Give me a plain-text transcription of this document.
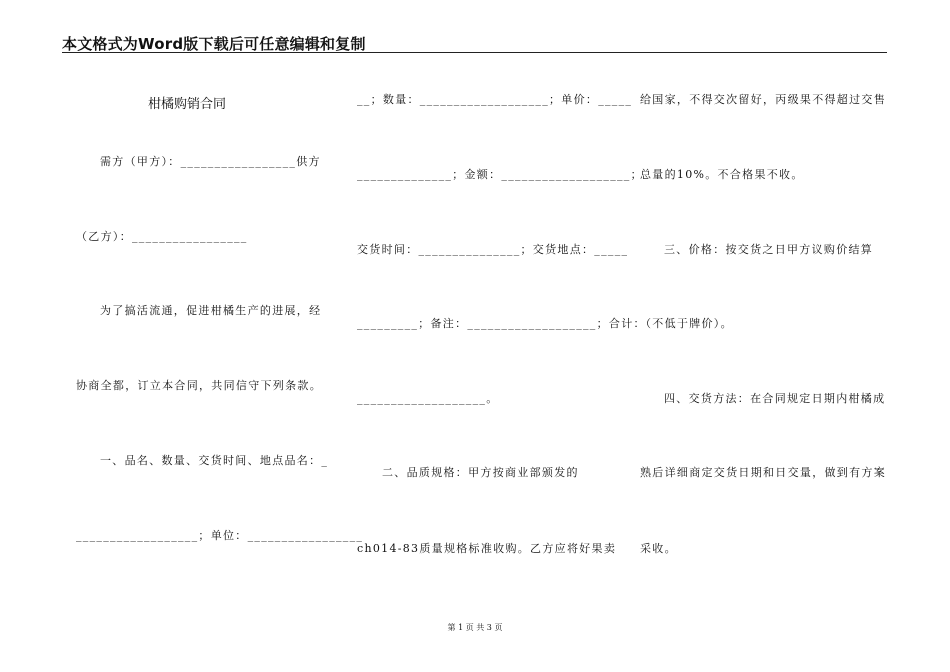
本文格式为Word版下载后可任意编辑和复制
柑橘购销合同
需方（甲方）：_________________供方
（乙方）：_________________
为了搞活流通，促进柑橘生产的进展，经
协商全都，订立本合同，共同信守下列条款。
一、品名、数量、交货时间、地点品名：_
__________________；单位：_________________
__；数量：___________________；单价：_____
______________；金额：___________________；
交货时间：_______________；交货地点：_____
_________；备注：___________________；合计：
___________________。
二、品质规格：甲方按商业部颁发的
ch014-83质量规格标准收购。乙方应将好果卖
给国家，不得交次留好，丙级果不得超过交售
总量的10%。不合格果不收。
三、价格：按交货之日甲方议购价结算
（不低于牌价）。
四、交货方法：在合同规定日期内柑橘成
熟后详细商定交货日期和日交量，做到有方案
采收。
第 1 页 共 3 页
